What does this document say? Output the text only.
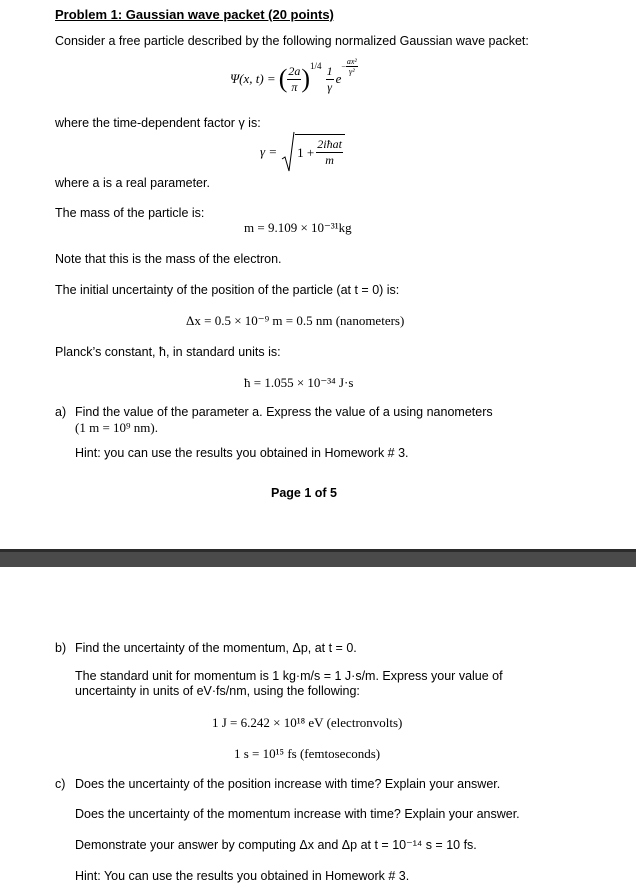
Problem 1: Gaussian wave packet (20 points)
Consider a free particle described by the following normalized Gaussian wave packet:
Ψ(x, t) = ( $\frac{2a}{\pi}$ ) $1/4 \frac{1}{\gamma}$ e
− $\frac{\text{ax²}}{\text{γ²}}$
where the time-dependent factor γ is:
$\gamma = 1 + \frac{\text{2iħat}}{m}$
where a is a real parameter.
The mass of the particle is:
m = 9.109 × 10⁻³¹kg
Note that this is the mass of the electron.
The initial uncertainty of the position of the particle (at t = 0) is:
Δx = 0.5 × 10⁻⁹ m = 0.5 nm (nanometers)
Planck’s constant, ħ, in standard units is:
ħ = 1.055 × 10⁻³⁴ J·s
a) Find the value of the parameter a. Express the value of a using nanometers
(1 m = 10⁹ nm).
Hint: you can use the results you obtained in Homework # 3.
Page 1 of 5
b) Find the uncertainty of the momentum, Δp, at t = 0.
The standard unit for momentum is 1 kg·m/s = 1 J·s/m. Express your value of
uncertainty in units of eV·fs/nm, using the following:
1 J = 6.242 × 10¹⁸ eV (electronvolts)
1 s = 10¹⁵ fs (femtoseconds)
c) Does the uncertainty of the position increase with time? Explain your answer.
Does the uncertainty of the momentum increase with time? Explain your answer.
Demonstrate your answer by computing Δx and Δp at t = 10⁻¹⁴ s = 10 fs.
Hint: You can use the results you obtained in Homework # 3.
